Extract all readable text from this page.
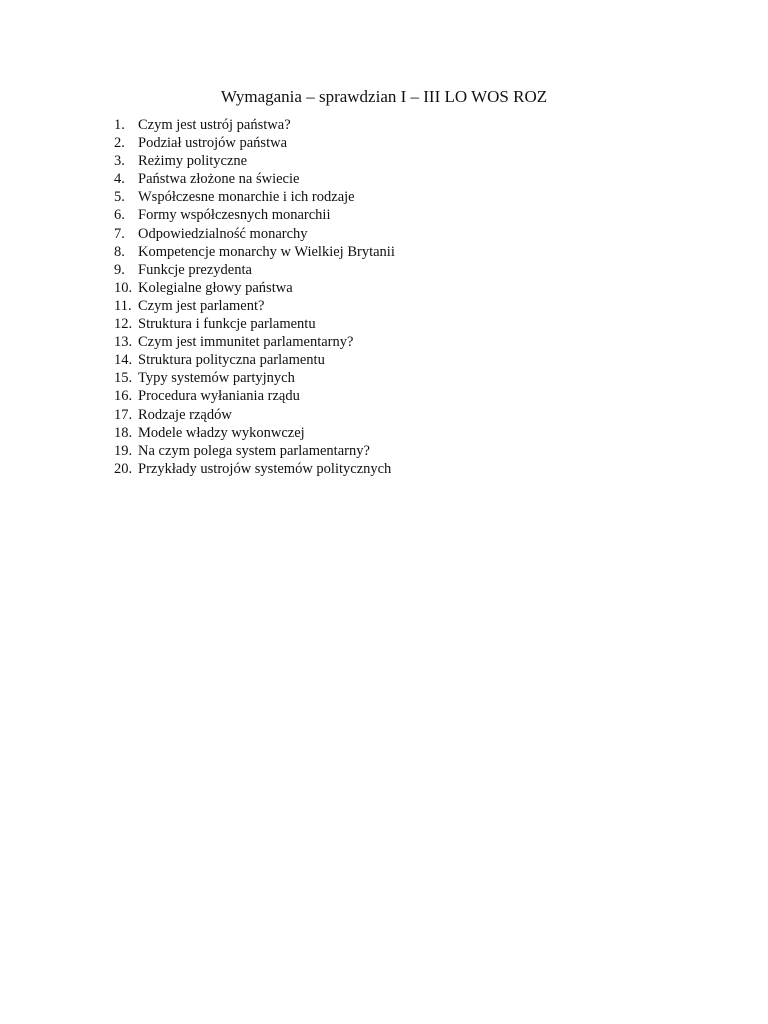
Wymagania – sprawdzian I – III LO WOS ROZ
1. Czym jest ustrój państwa?
2. Podział ustrojów państwa
3. Reżimy polityczne
4. Państwa złożone na świecie
5. Współczesne monarchie i ich rodzaje
6. Formy współczesnych monarchii
7. Odpowiedzialność monarchy
8. Kompetencje monarchy w Wielkiej Brytanii
9. Funkcje prezydenta
10. Kolegialne głowy państwa
11. Czym jest parlament?
12. Struktura i funkcje parlamentu
13. Czym jest immunitet parlamentarny?
14. Struktura polityczna parlamentu
15. Typy systemów partyjnych
16. Procedura wyłaniania rządu
17. Rodzaje rządów
18. Modele władzy wykonwczej
19. Na czym polega system parlamentarny?
20. Przykłady ustrojów systemów politycznych
